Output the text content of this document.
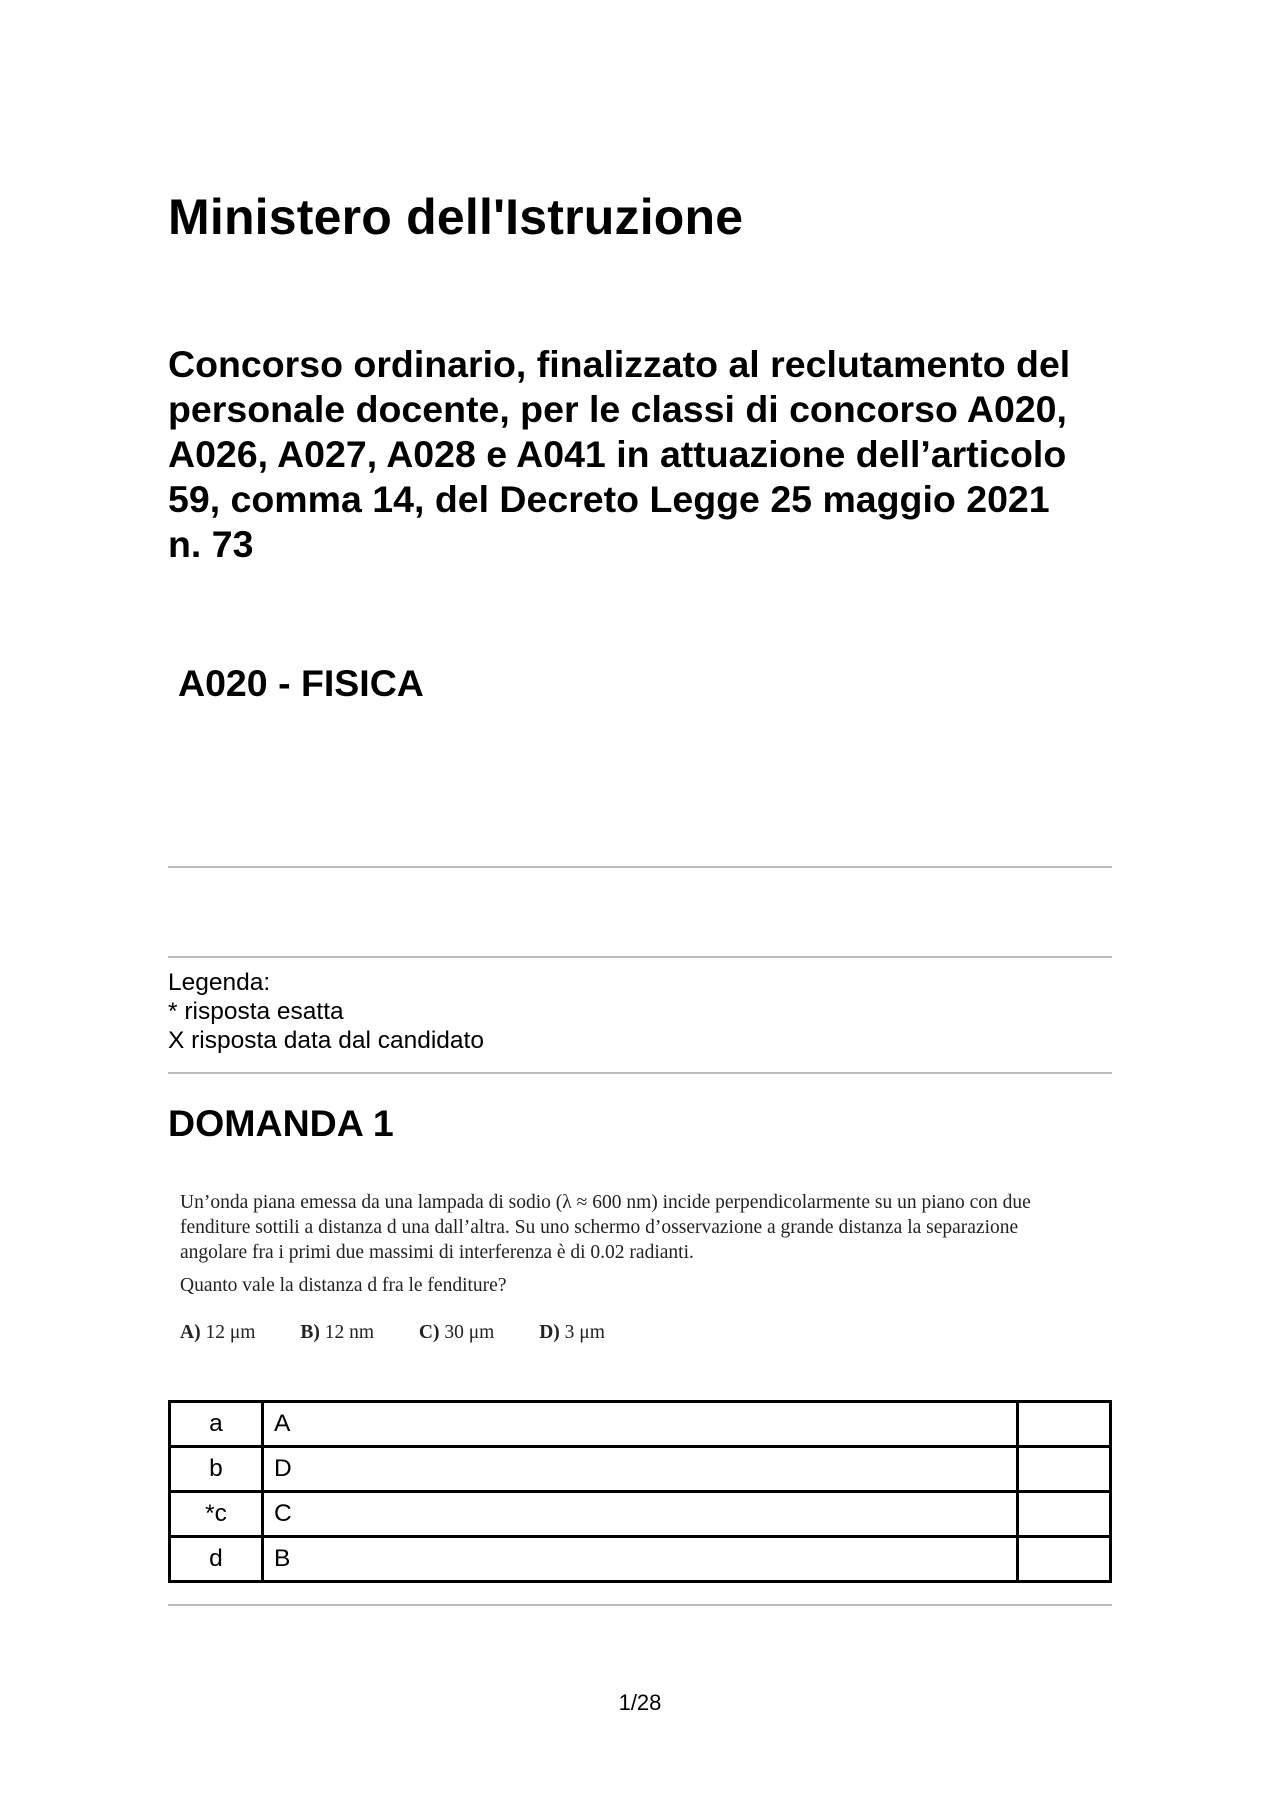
Ministero dell'Istruzione
Concorso ordinario, finalizzato al reclutamento del
personale docente, per le classi di concorso A020,
A026, A027, A028 e A041 in attuazione dell’articolo
59, comma 14, del Decreto Legge 25 maggio 2021
n. 73
A020 - FISICA
Legenda:
* risposta esatta
X risposta data dal candidato
DOMANDA 1
Un’onda piana emessa da una lampada di sodio (λ ≈ 600 nm) incide perpendicolarmente su un piano con due
fenditure sottili a distanza d una dall’altra. Su uno schermo d’osservazione a grande distanza la separazione
angolare fra i primi due massimi di interferenza è di 0.02 radianti.
Quanto vale la distanza d fra le fenditure?
A) 12 μm B) 12 nm C) 30 μm D) 3 μm
a	A	
b	D	
*c	C	
d	B	
1/28
